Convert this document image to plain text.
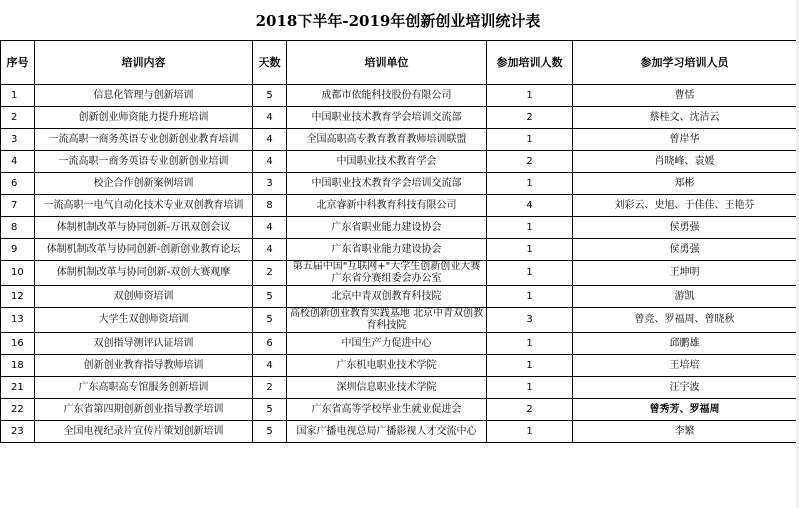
2018下半年-2019年创新创业培训统计表
序号	培训内容	天数	培训单位	参加培训人数	参加学习培训人员
1	信息化管理与创新培训	5	成都市依能科技股份有限公司	1	曹恬
2	创新创业师资能力提升班培训	4	中国职业技术教育学会培训交流部	2	蔡桂文、沈洁云
3	一流高职一商务英语专业创新创业教育培训	4	全国高职高专教育教育教师培训联盟	1	曾岸华
4	一流高职一商务英语专业创新创业培训	4	中国职业技术教育学会	2	肖晓峰、袁媛
6	校企合作创新案例培训	3	中国职业技术教育学会培训交流部	1	郑彬
7	一流高职一电气自动化技术专业双创教育培训	8	北京睿新中科教育科技有限公司	4	刘彩云、史旭、于佳佳、王艳芬
8	体制机制改革与协同创新-万讯双创会议	4	广东省职业能力建设协会	1	侯勇强
9	体制机制改革与协同创新-创新创业教育论坛	4	广东省职业能力建设协会	1	侯勇强
10	体制机制改革与协同创新-双创大赛观摩	2	第五届中国"互联网+"大学生创新创业大赛广东省分赛组委会办公室	1	王坤明
12	双创师资培训	5	北京中青双创教育科技院	1	游凯
13	大学生双创师资培训	5	高校创新创业教育实践基地 北京中青双创教育科技院	3	曾竞、罗福周、曾晓秋
16	双创指导测评认证培训	6	中国生产力促进中心	1	邱鹏雄
18	创新创业教育指导教师培训	4	广东机电职业技术学院	1	王培培
21	广东高职高专馆服务创新培训	2	深圳信息职业技术学院	1	汪宇波
22	广东省第四期创新创业指导教学培训	5	广东省高等学校毕业生就业促进会	2	曾秀芳、罗福周
23	全国电视纪录片宣传片策划创新培训	5	国家广播电视总局广播影视人才交流中心	1	李繁
